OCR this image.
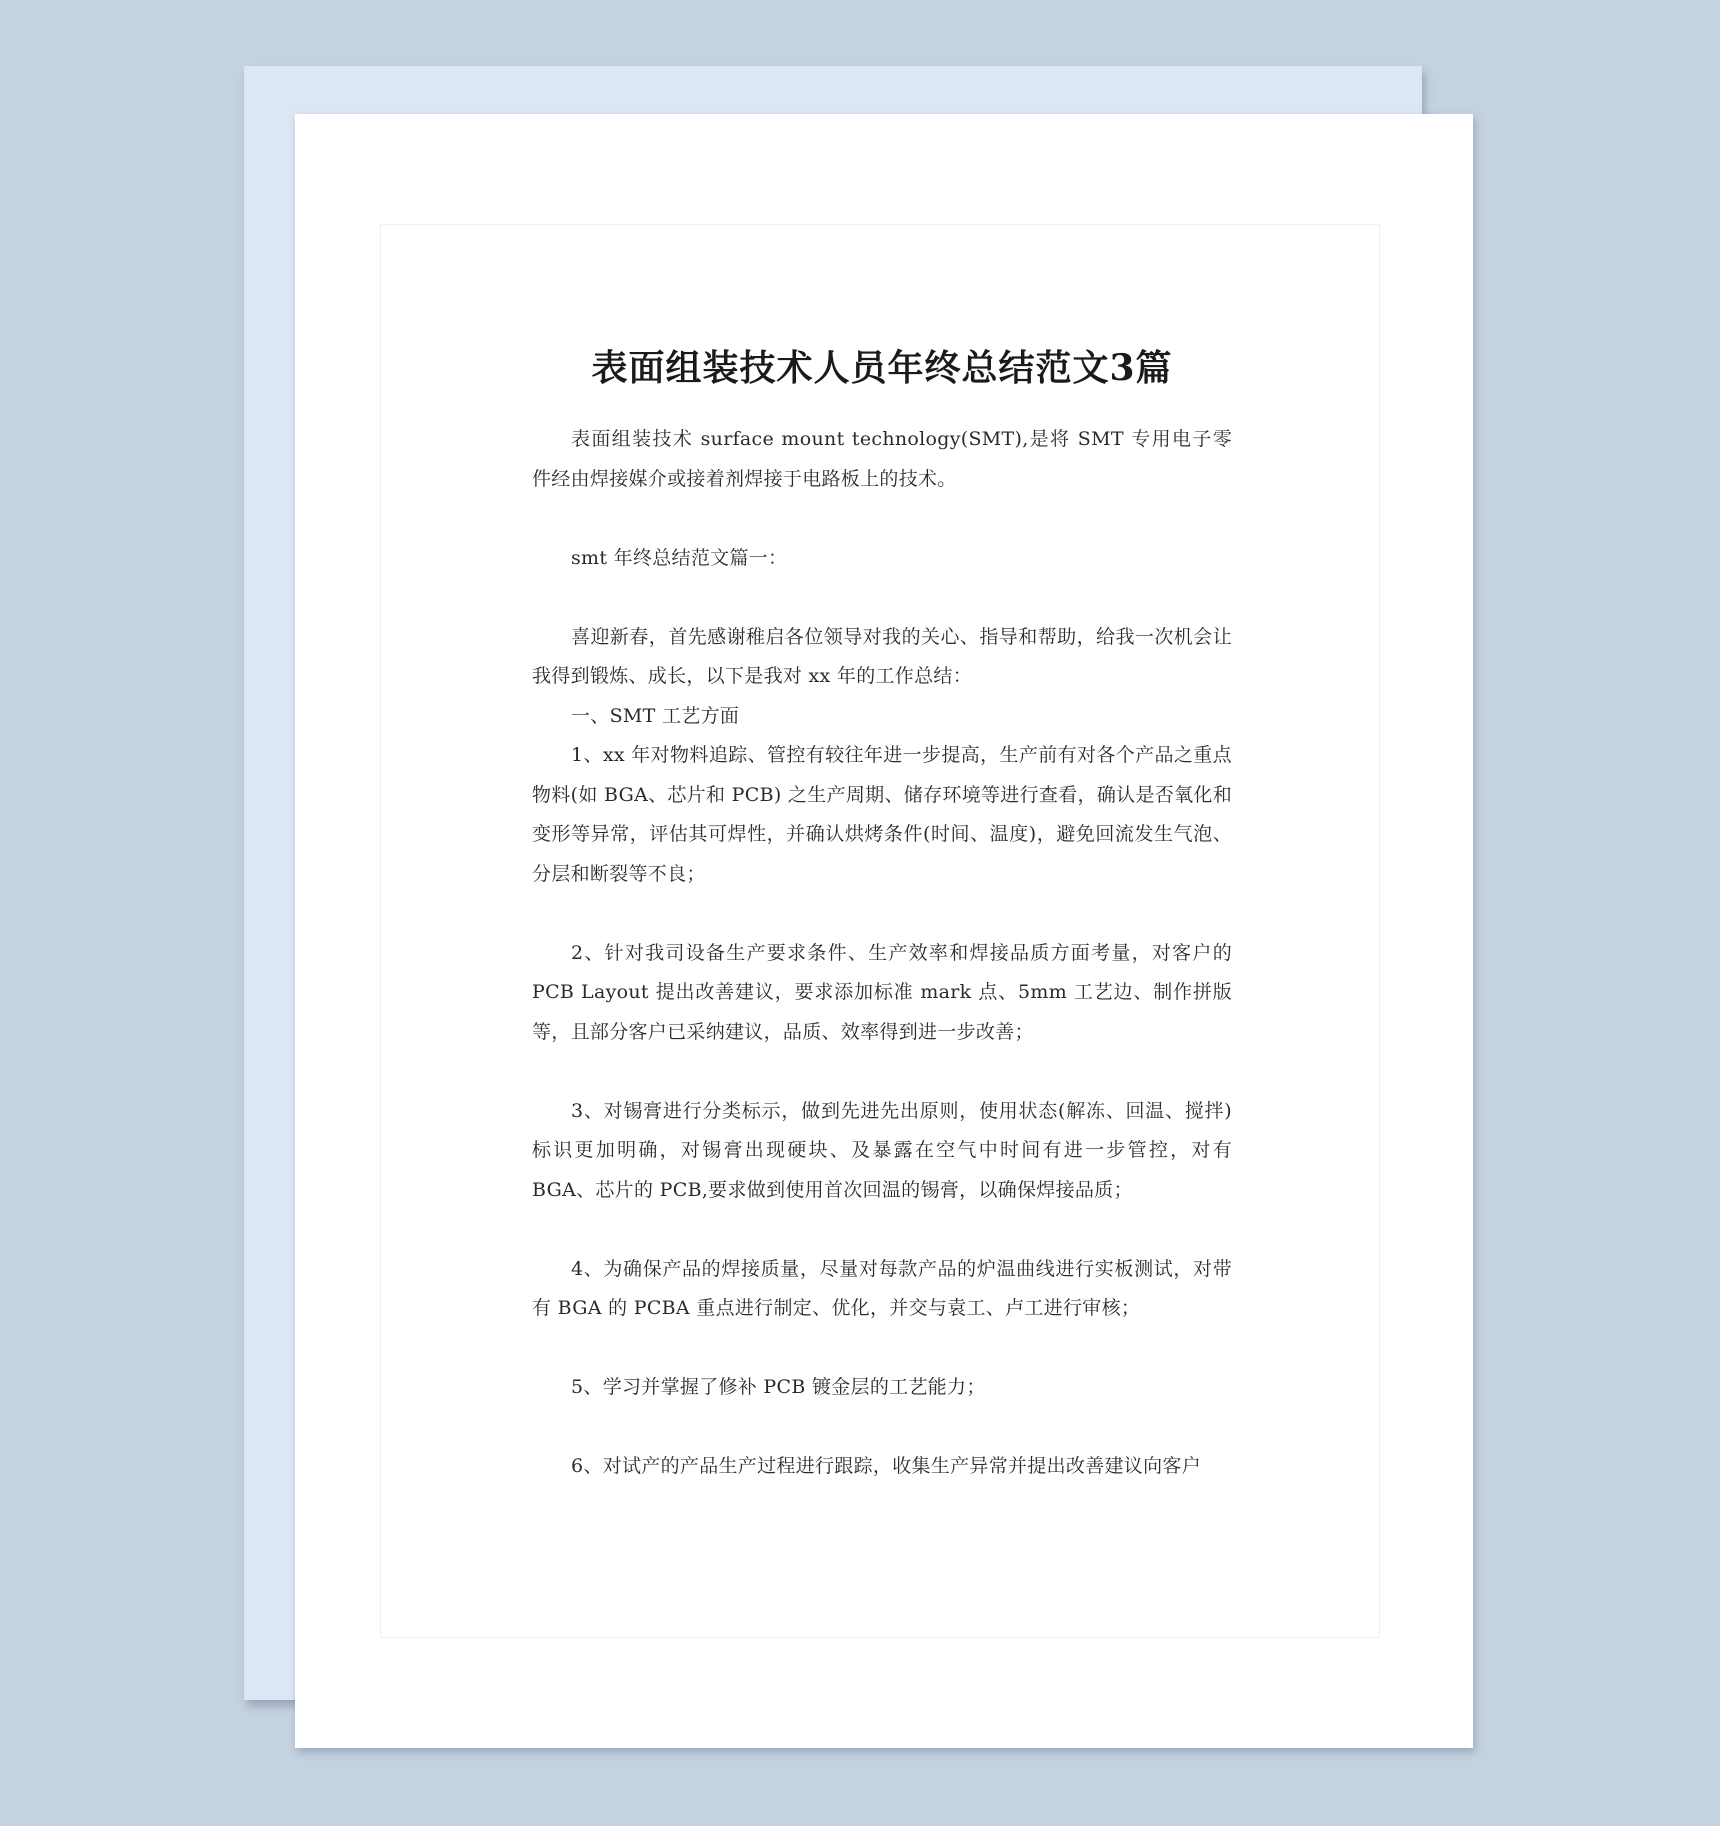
表面组装技术人员年终总结范文3篇

表面组装技术 surface mount technology(SMT),是将 SMT 专用电子零件经由焊接媒介或接着剂焊接于电路板上的技术。

smt 年终总结范文篇一：

喜迎新春，首先感谢稚启各位领导对我的关心、指导和帮助，给我一次机会让我得到锻炼、成长，以下是我对 xx 年的工作总结：

一、SMT 工艺方面

1、xx 年对物料追踪、管控有较往年进一步提高，生产前有对各个产品之重点物料(如 BGA、芯片和 PCB) 之生产周期、储存环境等进行查看，确认是否氧化和变形等异常，评估其可焊性，并确认烘烤条件(时间、温度)，避免回流发生气泡、分层和断裂等不良；

2、针对我司设备生产要求条件、生产效率和焊接品质方面考量，对客户的 PCB Layout 提出改善建议，要求添加标准 mark 点、5mm 工艺边、制作拼版等，且部分客户已采纳建议，品质、效率得到进一步改善；

3、对锡膏进行分类标示，做到先进先出原则，使用状态(解冻、回温、搅拌)标识更加明确，对锡膏出现硬块、及暴露在空气中时间有进一步管控，对有 BGA、芯片的 PCB,要求做到使用首次回温的锡膏，以确保焊接品质；

4、为确保产品的焊接质量，尽量对每款产品的炉温曲线进行实板测试，对带有 BGA 的 PCBA 重点进行制定、优化，并交与袁工、卢工进行审核；

5、学习并掌握了修补 PCB 镀金层的工艺能力；

6、对试产的产品生产过程进行跟踪，收集生产异常并提出改善建议向客户
